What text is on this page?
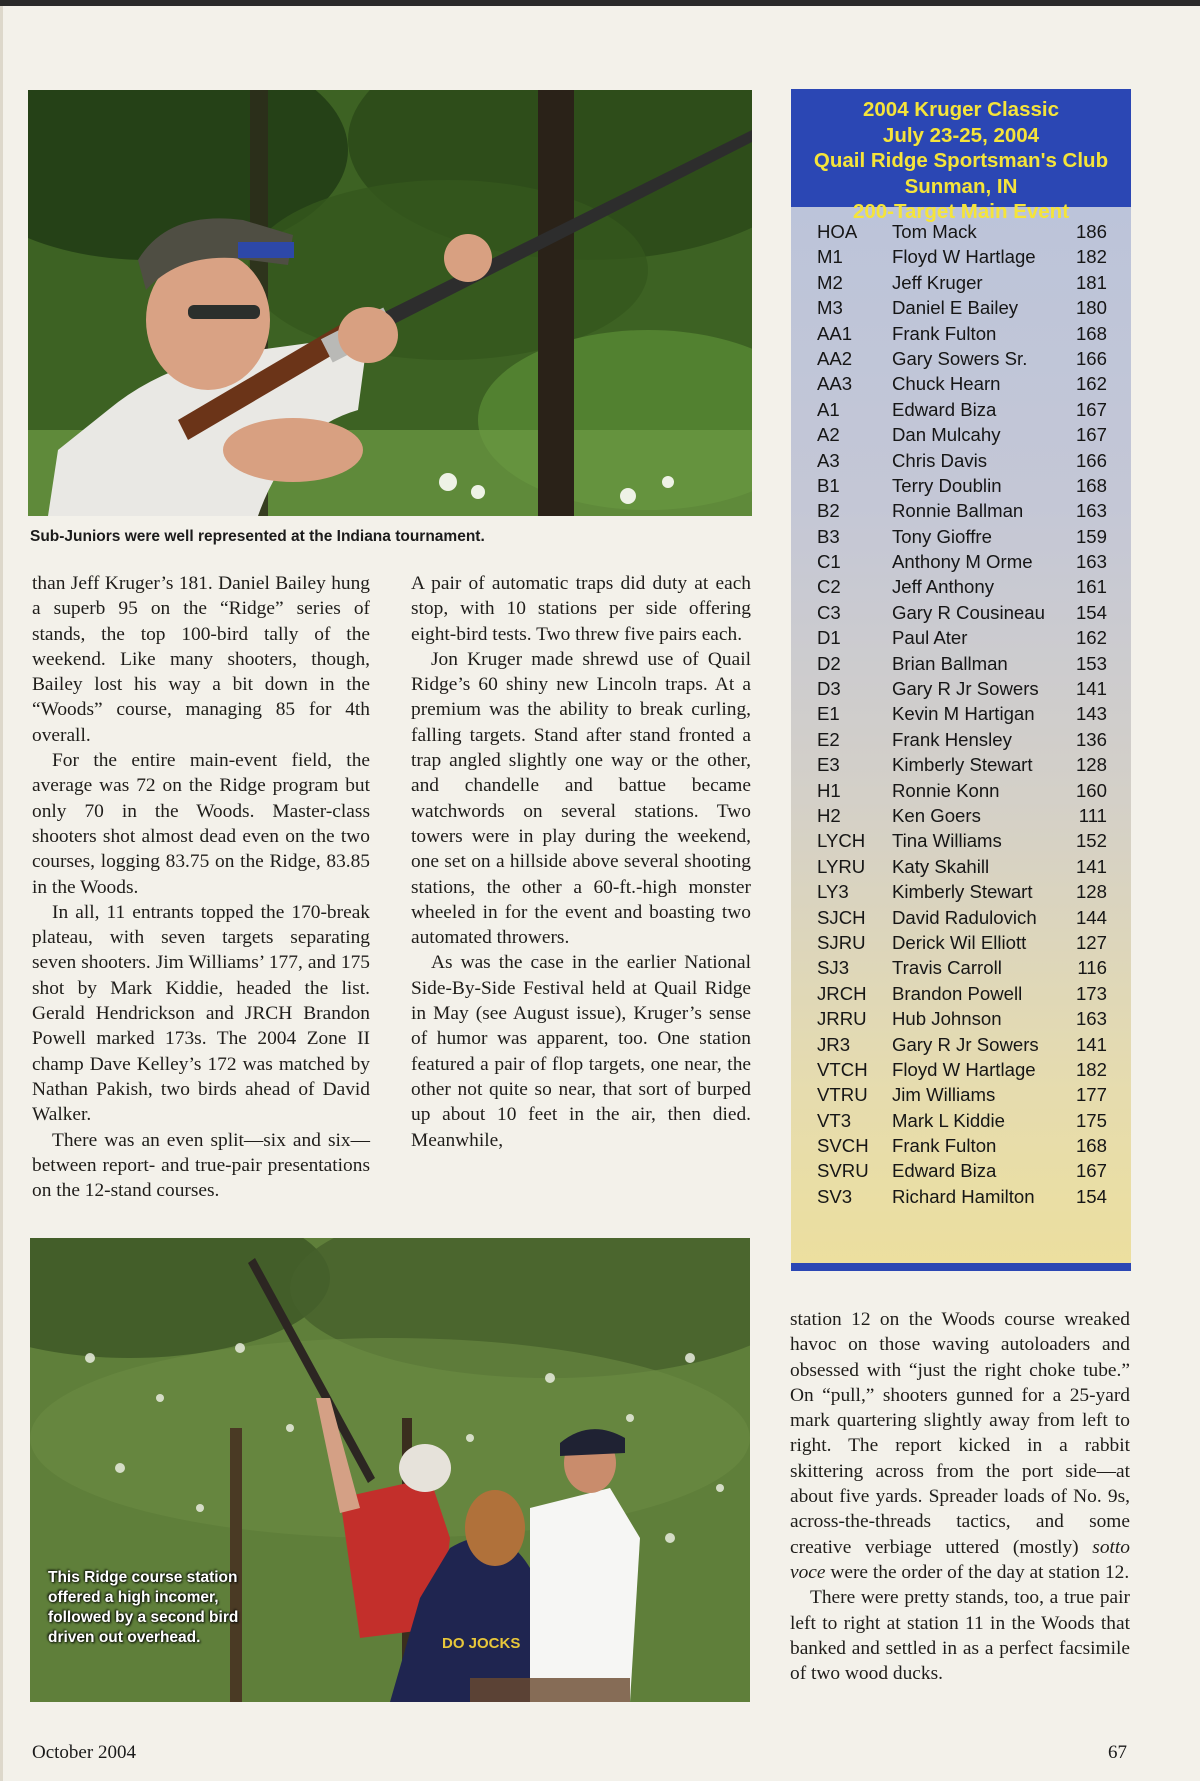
Sub-Juniors were well represented at the Indiana tournament.

than Jeff Kruger’s 181. Daniel Bailey hung a superb 95 on the “Ridge” series of stands, the top 100-bird tally of the weekend. Like many shooters, though, Bailey lost his way a bit down in the “Woods” course, managing 85 for 4th overall.

For the entire main-event field, the average was 72 on the Ridge program but only 70 in the Woods. Master-class shooters shot almost dead even on the two courses, logging 83.75 on the Ridge, 83.85 in the Woods.

In all, 11 entrants topped the 170-break plateau, with seven targets separating seven shooters. Jim Williams’ 177, and 175 shot by Mark Kiddie, headed the list. Gerald Hendrickson and JRCH Brandon Powell marked 173s. The 2004 Zone II champ Dave Kelley’s 172 was matched by Nathan Pakish, two birds ahead of David Walker.

There was an even split—six and six—between report- and true-pair presentations on the 12-stand courses.

A pair of automatic traps did duty at each stop, with 10 stations per side offering eight-bird tests. Two threw five pairs each.

Jon Kruger made shrewd use of Quail Ridge’s 60 shiny new Lincoln traps. At a premium was the ability to break curling, falling targets. Stand after stand fronted a trap angled slightly one way or the other, and chandelle and battue became watchwords on several stations. Two towers were in play during the weekend, one set on a hillside above several shooting stations, the other a 60-ft.-high monster wheeled in for the event and boasting two automated throwers.

As was the case in the earlier National Side-By-Side Festival held at Quail Ridge in May (see August issue), Kruger’s sense of humor was apparent, too. One station featured a pair of flop targets, one near, the other not quite so near, that sort of burped up about 10 feet in the air, then died. Meanwhile,

station 12 on the Woods course wreaked havoc on those waving autoloaders and obsessed with “just the right choke tube.” On “pull,” shooters gunned for a 25-yard mark quartering slightly away from left to right. The report kicked in a rabbit skittering across from the port side—at about five yards. Spreader loads of No. 9s, across-the-threads tactics, and some creative verbiage uttered (mostly) sotto voce were the order of the day at station 12.

There were pretty stands, too, a true pair left to right at station 11 in the Woods that banked and settled in as a perfect facsimile of two wood ducks.

2004 Kruger Classic
July 23-25, 2004
Quail Ridge Sportsman's Club
Sunman, IN
200-Target Main Event
HOA Tom Mack	186
M1	Floyd W Hartlage	182
M2	Jeff Kruger	181
M3	Daniel E Bailey	180
AA1 Frank Fulton	168
AA2 Gary Sowers Sr.	166
AA3 Chuck Hearn	162
A1	Edward Biza	167
A2	Dan Mulcahy	167
A3	Chris Davis	166
B1	Terry Doublin	168
B2	Ronnie Ballman	163
B3	Tony Gioffre	159
C1	Anthony M Orme	163
C2	Jeff Anthony	161
C3	Gary R Cousineau	154
D1	Paul Ater	162
D2	Brian Ballman	153
D3	Gary R Jr Sowers	141
E1	Kevin M Hartigan	143
E2	Frank Hensley	136
E3	Kimberly Stewart	128
H1	Ronnie Konn	160
H2	Ken Goers	111
LYCH Tina Williams	152
LYRU Katy Skahill	141
LY3 Kimberly Stewart	128
SJCH David Radulovich	144
SJRU Derick Wil Elliott	127
SJ3 Travis Carroll	116
JRCH Brandon Powell	173
JRRU Hub Johnson	163
JR3 Gary R Jr Sowers	141
VTCH Floyd W Hartlage	182
VTRU Jim Williams	177
VT3 Mark L Kiddie	175
SVCH Frank Fulton	168
SVRU Edward Biza	167
SV3 Richard Hamilton	154
DO JOCKS
This Ridge course station offered a high incomer, followed by a second bird driven out overhead.
October 2004	67
